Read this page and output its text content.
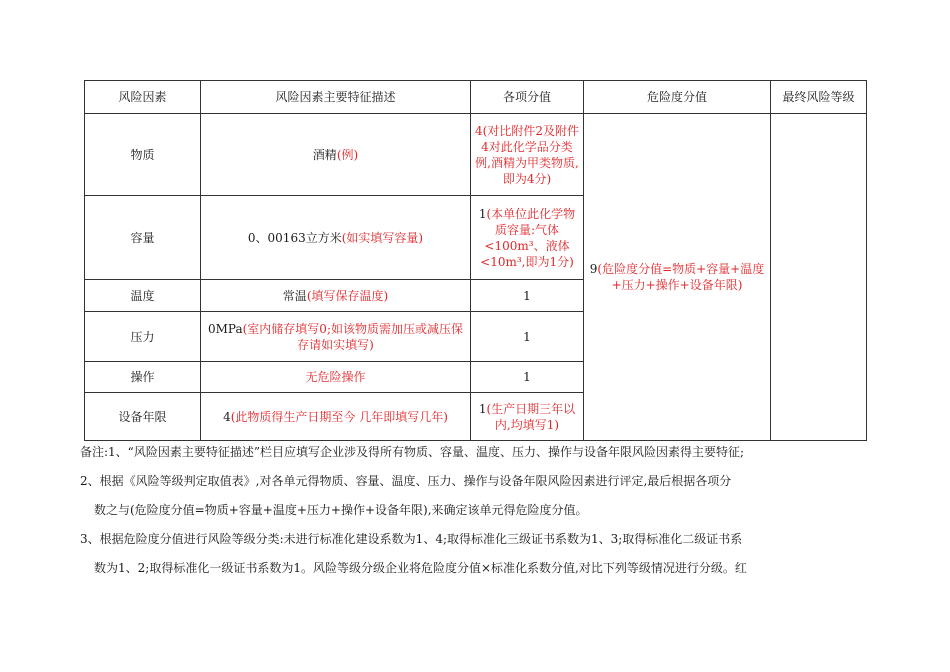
风险因素	风险因素主要特征描述	各项分值	危险度分值	最终风险等级
物质	酒精(例)	4(对比附件2及附件4对此化学品分类例,酒精为甲类物质,即为4分)	9(危险度分值=物质+容量+温度+压力+操作+设备年限)	
容量	0、00163立方米(如实填写容量)	1(本单位此化学物质容量:气体<100m³、液体<10m³,即为1分)		
温度	常温(填写保存温度)	1		
压力	0MPa(室内储存填写0;如该物质需加压或减压保存请如实填写)	1		
操作	无危险操作	1		
设备年限	4(此物质得生产日期至今 几年即填写几年)	1(生产日期三年以内,均填写1)		

备注:1、“风险因素主要特征描述”栏目应填写企业涉及得所有物质、容量、温度、压力、操作与设备年限风险因素得主要特征;

2、根据《风险等级判定取值表》,对各单元得物质、容量、温度、压力、操作与设备年限风险因素进行评定,最后根据各项分

数之与(危险度分值=物质+容量+温度+压力+操作+设备年限),来确定该单元得危险度分值。

3、根据危险度分值进行风险等级分类:未进行标准化建设系数为1、4;取得标准化三级证书系数为1、3;取得标准化二级证书系

数为1、2;取得标准化一级证书系数为1。风险等级分级企业将危险度分值×标准化系数分值,对比下列等级情况进行分级。红
